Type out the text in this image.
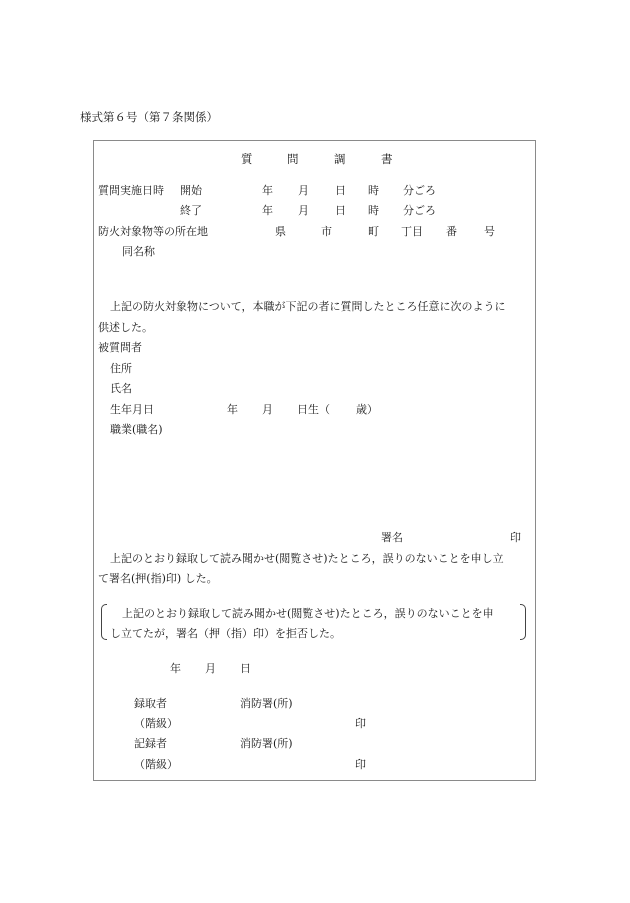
様式第６号（第７条関係）
質	問	調	書
質問実施日時 開始	年 月 日 時 分ごろ
終了	年 月 日 時 分ごろ
防火対象物等の所在地	県	市	町 丁目 番 号
同名称
上記の防火対象物について，本職が下記の者に質問したところ任意に次のように
供述した。
被質問者
住所
氏名
生年月日	年 月 日生（ 歳）
職業(職名)
署名	印
上記のとおり録取して読み聞かせ(閲覧させ)たところ，誤りのないことを申し立
て署名(押(指)印) した。
上記のとおり録取して読み聞かせ(閲覧させ)たところ，誤りのないことを申
し立てたが，署名（押（指）印）を拒否した。
年 月 日
録取者	消防署(所)
（階級）	印
記録者	消防署(所)
（階級）	印
